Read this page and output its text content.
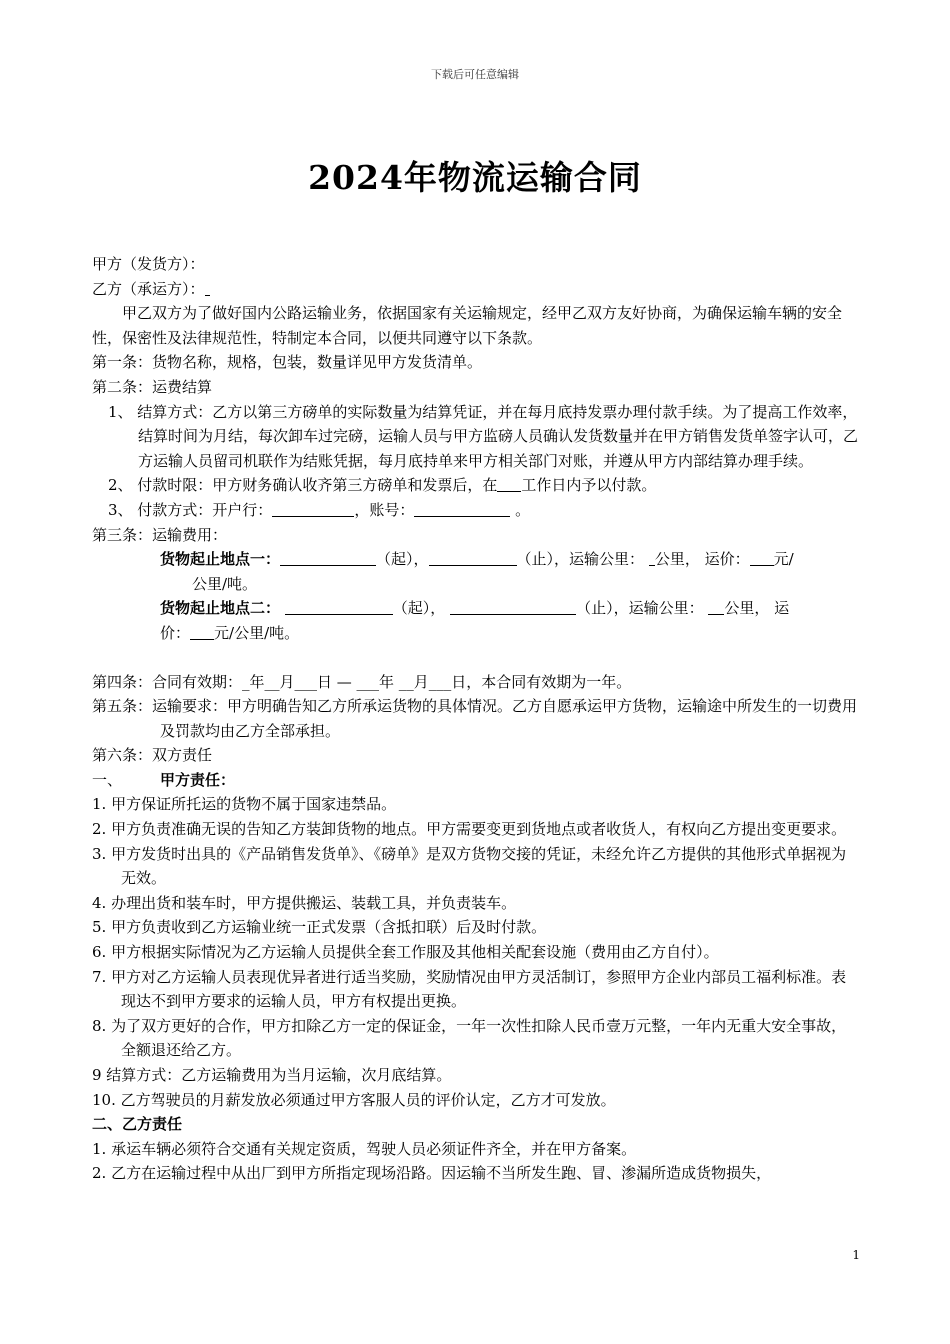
下载后可任意编辑
2024年物流运输合同

甲方（发货方）：

乙方（承运方）：

甲乙双方为了做好国内公路运输业务，依据国家有关运输规定，经甲乙双方友好协商，为确保运输车辆的安全性，保密性及法律规范性，特制定本合同，以便共同遵守以下条款。

第一条：货物名称，规格，包装，数量详见甲方发货清单。

第二条：运费结算

1、 结算方式：乙方以第三方磅单的实际数量为结算凭证，并在每月底持发票办理付款手续。为了提高工作效率，结算时间为月结，每次卸车过完磅，运输人员与甲方监磅人员确认发货数量并在甲方销售发货单签字认可，乙方运输人员留司机联作为结账凭据，每月底持单来甲方相关部门对账，并遵从甲方内部结算办理手续。

2、 付款时限：甲方财务确认收齐第三方磅单和发票后，在 工作日内予以付款。

3、 付款方式：开户行：	，账号：	。

第三条：运输费用：

货物起止地点一：	（起），	（止），运输公里： 公里， 运价： 元/
公里/吨。
货物起止地点二：	（起），	（止），运输公里： 公里， 运
价： 元/公里/吨。

第四条：合同有效期：_年__月___日 — ___年 __月___日，本合同有效期为一年。

第五条：运输要求：甲方明确告知乙方所承运货物的具体情况。乙方自愿承运甲方货物，运输途中所发生的一切费用及罚款均由乙方全部承担。

第六条：双方责任

一、	甲方责任：

1. 甲方保证所托运的货物不属于国家违禁品。

2. 甲方负责准确无误的告知乙方装卸货物的地点。甲方需要变更到货地点或者收货人，有权向乙方提出变更要求。

3. 甲方发货时出具的《产品销售发货单》、《磅单》是双方货物交接的凭证，未经允许乙方提供的其他形式单据视为无效。

4. 办理出货和装车时，甲方提供搬运、装载工具，并负责装车。

5. 甲方负责收到乙方运输业统一正式发票（含抵扣联）后及时付款。

6. 甲方根据实际情况为乙方运输人员提供全套工作服及其他相关配套设施（费用由乙方自付）。

7. 甲方对乙方运输人员表现优异者进行适当奖励，奖励情况由甲方灵活制订，参照甲方企业内部员工福利标准。表现达不到甲方要求的运输人员，甲方有权提出更换。

8. 为了双方更好的合作，甲方扣除乙方一定的保证金，一年一次性扣除人民币壹万元整，一年内无重大安全事故，全额退还给乙方。

9 结算方式：乙方运输费用为当月运输，次月底结算。

10. 乙方驾驶员的月薪发放必须通过甲方客服人员的评价认定，乙方才可发放。

二、乙方责任

1. 承运车辆必须符合交通有关规定资质，驾驶人员必须证件齐全，并在甲方备案。

2. 乙方在运输过程中从出厂到甲方所指定现场沿路。因运输不当所发生跑、冒、渗漏所造成货物损失，

1
